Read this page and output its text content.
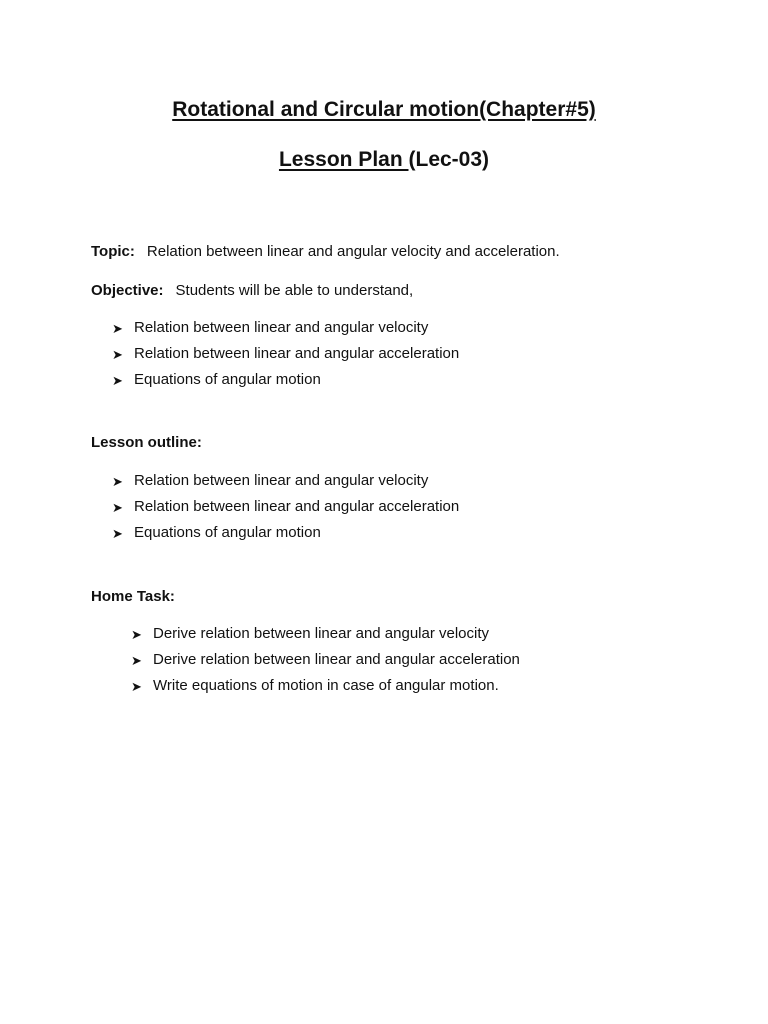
Rotational and Circular motion(Chapter#5)
Lesson Plan (Lec-03)

Topic: Relation between linear and angular velocity and acceleration.

Objective: Students will be able to understand,

➤ Relation between linear and angular velocity
➤ Relation between linear and angular acceleration
➤ Equations of angular motion

Lesson outline:

➤ Relation between linear and angular velocity
➤ Relation between linear and angular acceleration
➤ Equations of angular motion

Home Task:

➤ Derive relation between linear and angular velocity
➤ Derive relation between linear and angular acceleration
➤ Write equations of motion in case of angular motion.
